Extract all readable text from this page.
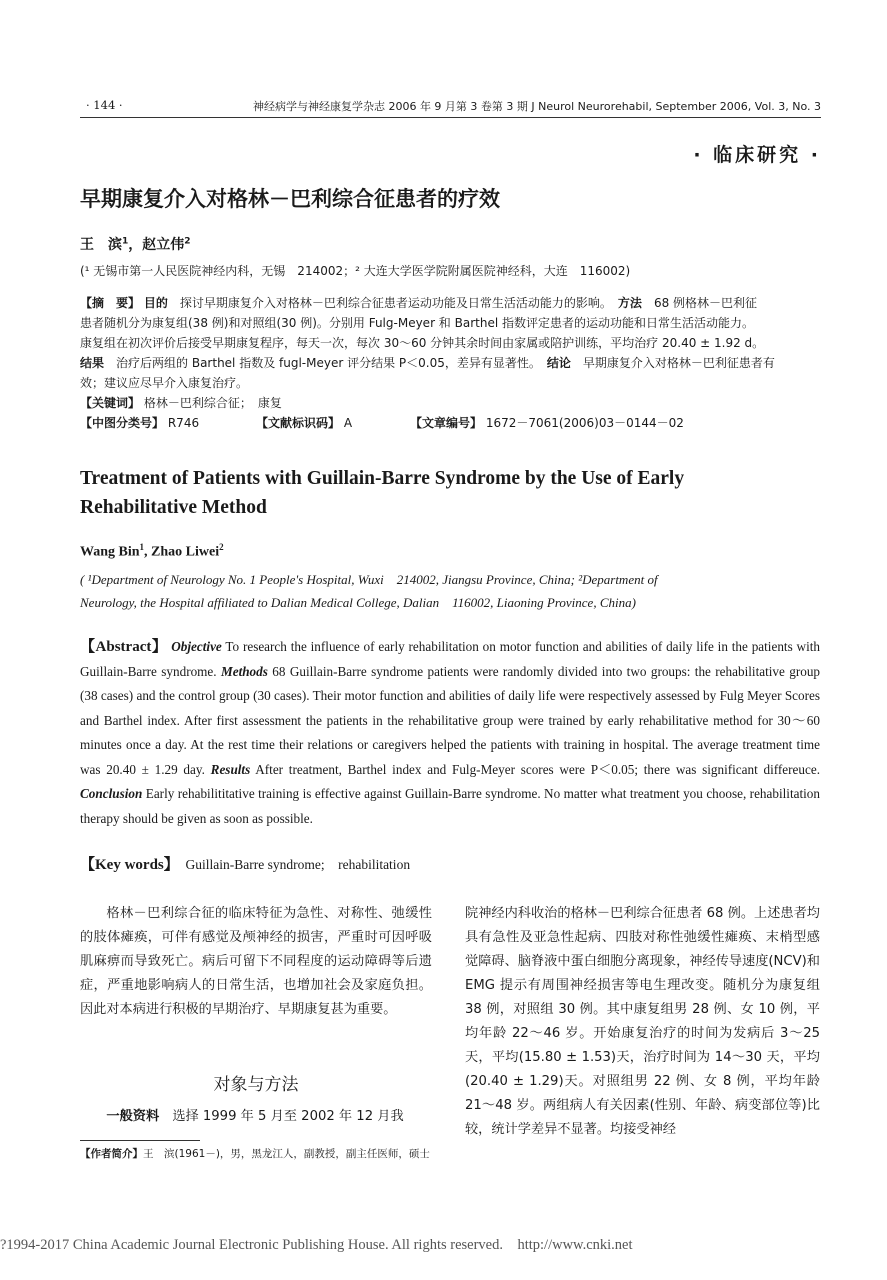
· 144 ·	神经病学与神经康复学杂志 2006 年 9 月第 3 卷第 3 期 J Neurol Neurorehabil, September 2006, Vol. 3, No. 3
· 临床研究 ·
早期康复介入对格林－巴利综合征患者的疗效
王　滨$^1$，赵立伟$^2$
(¹ 无锡市第一人民医院神经内科，无锡　214002；² 大连大学医学院附属医院神经科，大连　116002)
【摘　要】 目的　 探讨早期康复介入对格林－巴利综合征患者运动功能及日常生活活动能力的影响。　 方法　 68 例格林－巴利征
患者随机分为康复组(38 例)和对照组(30 例)。分别用 Fulg-Meyer 和 Barthel 指数评定患者的运动功能和日常生活活动能力。
康复组在初次评价后接受早期康复程序，每天一次，每次 30～60 分钟其余时间由家属或陪护训练，平均治疗 20.40 ± 1.92 d。
结果　 治疗后两组的 Barthel 指数及 fugl-Meyer 评分结果 P＜0.05，差异有显著性。　 结论　 早期康复介入对格林－巴利征患者有
效；建议应尽早介入康复治疗。
【关键词】 格林－巴利综合征；　康复
【中图分类号】 R746	【文献标识码】 A	【文章编号】 1672－7061(2006)03－0144－02
Treatment of Patients with Guillain-Barre Syndrome by the Use of Early
Rehabilitative Method
Wang Bin$^1$, Zhao Liwei$^2$
( ¹Department of Neurology No. 1 People's Hospital, Wuxi　214002, Jiangsu Province, China; ²Department of
Neurology, the Hospital affiliated to Dalian Medical College, Dalian　116002, Liaoning Province, China)
【Abstract】 Objective To research the influence of early rehabilitation on motor function and abilities of daily life in the patients with Guillain-Barre syndrome. Methods 68 Guillain-Barre syndrome patients were randomly divided into two groups: the rehabilitative group (38 cases) and the control group (30 cases). Their motor function and abilities of daily life were respectively assessed by Fulg Meyer Scores and Barthel index. After first assessment the patients in the rehabilitative group were trained by early rehabilitative method for 30～60 minutes once a day. At the rest time their relations or caregivers helped the patients with training in hospital. The average treatment time was 20.40 ± 1.29 day. Results After treatment, Barthel index and Fulg-Meyer scores were P＜0.05; there was significant differeuce. Conclusion Early rehabilititative training is effective against Guillain-Barre syndrome. No matter what treatment you choose, rehabilitation therapy should be given as soon as possible.
【Key words】 Guillain-Barre syndrome;　rehabilitation
格林－巴利综合征的临床特征为急性、对称性、弛缓性的肢体瘫痪，可伴有感觉及颅神经的损害，严重时可因呼吸肌麻痹而导致死亡。病后可留下不同程度的运动障碍等后遗症，严重地影响病人的日常生活，也增加社会及家庭负担。因此对本病进行积极的早期治疗、早期康复甚为重要。
对象与方法
一般资料　 选择 1999 年 5 月至 2002 年 12 月我
【作者简介】王　滨(1961－)，男，黑龙江人，副教授，副主任医师，硕士
院神经内科收治的格林－巴利综合征患者 68 例。上述患者均具有急性及亚急性起病、四肢对称性弛缓性瘫痪、末梢型感觉障碍、脑脊液中蛋白细胞分离现象，神经传导速度(NCV)和 EMG 提示有周围神经损害等电生理改变。随机分为康复组 38 例，对照组 30 例。其中康复组男 28 例、女 10 例，平均年龄 22～46 岁。开始康复治疗的时间为发病后 3～25 天，平均(15.80 ± 1.53)天，治疗时间为 14～30 天，平均(20.40 ± 1.29)天。对照组男 22 例、女 8 例，平均年龄 21～48 岁。两组病人有关因素(性别、年龄、病变部位等)比较，统计学差异不显著。均接受神经
?1994-2017 China Academic Journal Electronic Publishing House. All rights reserved.　http://www.cnki.net
